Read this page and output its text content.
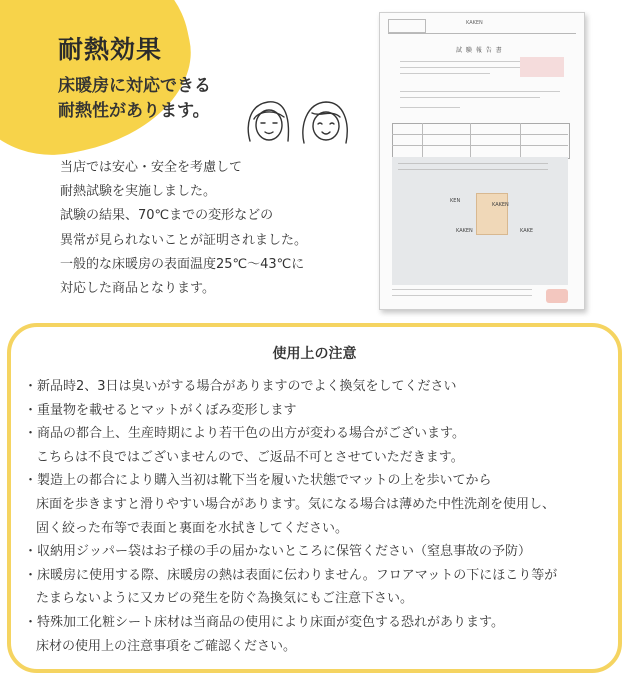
耐熱効果

床暖房に対応できる
耐熱性があります。

当店では安心・安全を考慮して
耐熱試験を実施しました。
試験の結果、70℃までの変形などの
異常が見られないことが証明されました。
一般的な床暖房の表面温度25℃〜43℃に
対応した商品となります。
KAKEN
試 験 報 告 書
KEN
KAKEN
KAKEN	KAKE
使用上の注意
・新品時2、3日は臭いがする場合がありますのでよく換気をしてください
・重量物を載せるとマットがくぼみ変形します
・商品の都合上、生産時期により若干色の出方が変わる場合がございます。
こちらは不良ではございませんので、ご返品不可とさせていただきます。
・製造上の都合により購入当初は靴下当を履いた状態でマットの上を歩いてから
床面を歩きますと滑りやすい場合があります。気になる場合は薄めた中性洗剤を使用し、
固く絞った布等で表面と裏面を水拭きしてください。
・収納用ジッパー袋はお子様の手の届かないところに保管ください（窒息事故の予防）
・床暖房に使用する際、床暖房の熱は表面に伝わりません。フロアマットの下にほこり等が
たまらないように又カビの発生を防ぐ為換気にもご注意下さい。
・特殊加工化粧シート床材は当商品の使用により床面が変色する恐れがあります。
床材の使用上の注意事項をご確認ください。
